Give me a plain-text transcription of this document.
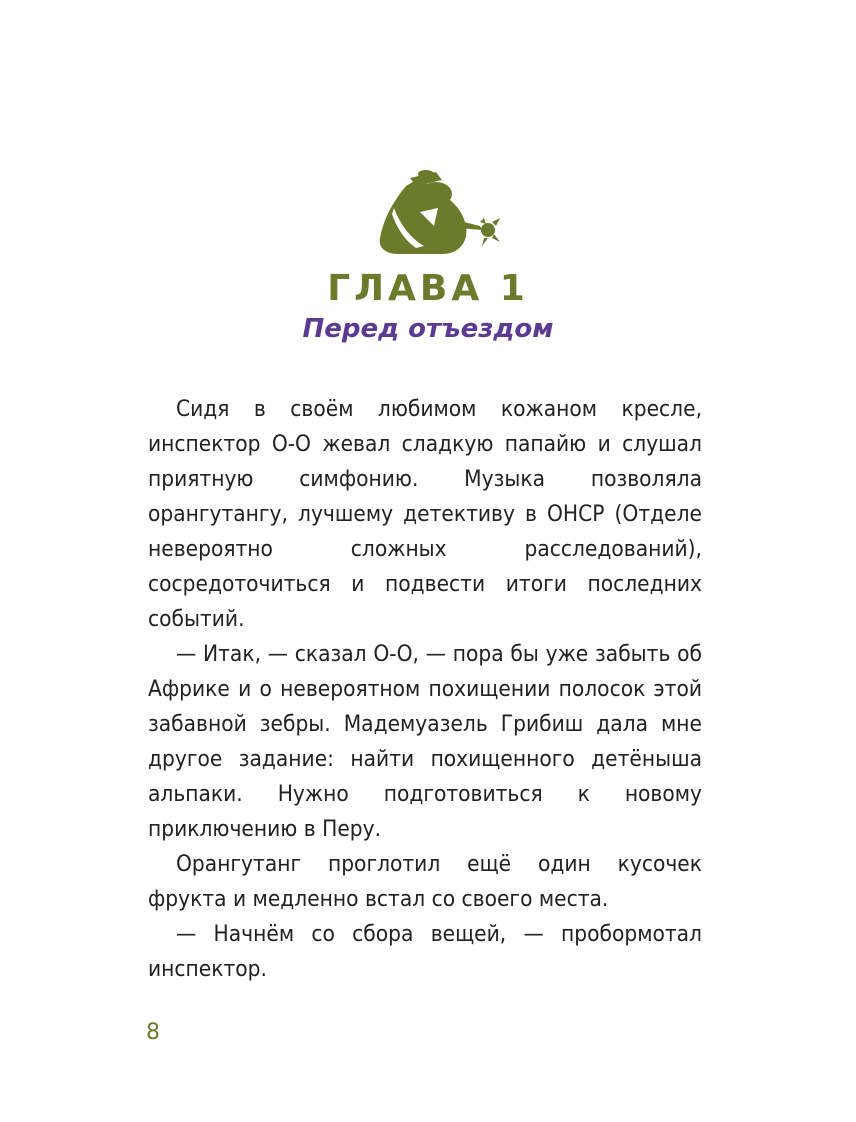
ГЛАВА 1
Перед отъездом

Сидя в своём любимом кожаном кресле, инспектор О-О жевал сладкую папайю и слушал приятную симфонию. Музыка позволяла орангутангу, лучшему детективу в ОНСР (Отделе невероятно сложных расследований), сосредоточиться и подвести итоги последних событий.

— Итак, — сказал О-О, — пора бы уже забыть об Африке и о невероятном похищении полосок этой забавной зебры. Мадемуазель Грибиш дала мне другое задание: найти похищенного детёныша альпаки. Нужно подготовиться к новому приключению в Перу.

Орангутанг проглотил ещё один кусочек фрукта и медленно встал со своего места.

— Начнём со сбора вещей, — пробормотал инспектор.

8
